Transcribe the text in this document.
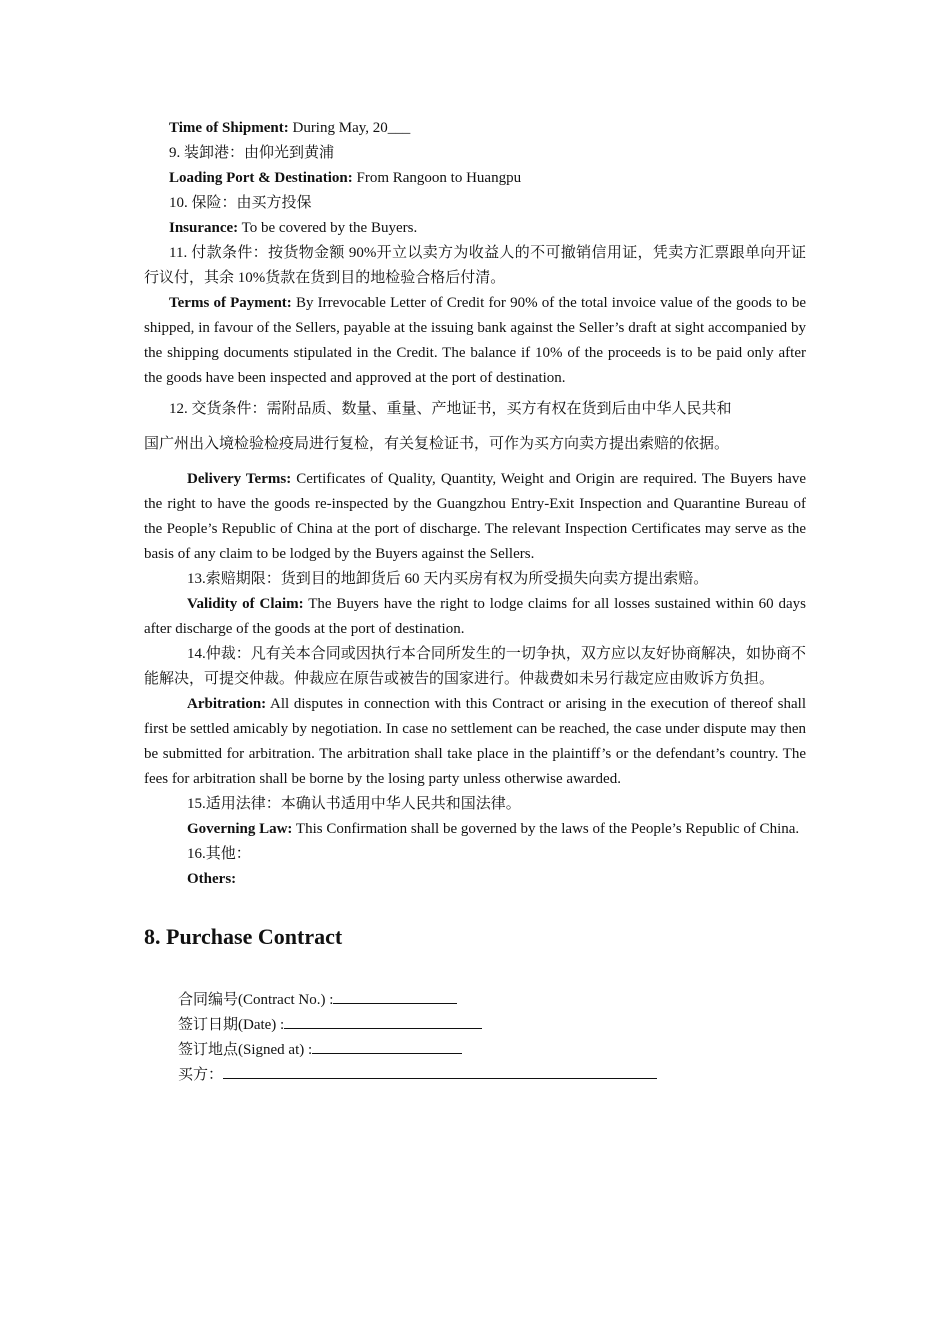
Time of Shipment: During May, 20___

9. 装卸港：由仰光到黄浦

Loading Port & Destination: From Rangoon to Huangpu

10. 保险：由买方投保

Insurance: To be covered by the Buyers.

11. 付款条件：按货物金额 90%开立以卖方为收益人的不可撤销信用证，凭卖方汇票跟单向开证行议付，其余 10%货款在货到目的地检验合格后付清。

Terms of Payment: By Irrevocable Letter of Credit for 90% of the total invoice value of the goods to be shipped, in favour of the Sellers, payable at the issuing bank against the Seller’s draft at sight accompanied by the shipping documents stipulated in the Credit. The balance if 10% of the proceeds is to be paid only after the goods have been inspected and approved at the port of destination.

12. 交货条件：需附品质、数量、重量、产地证书，买方有权在货到后由中华人民共和

国广州出入境检验检疫局进行复检，有关复检证书，可作为买方向卖方提出索赔的依据。

Delivery Terms: Certificates of Quality, Quantity, Weight and Origin are required. The Buyers have the right to have the goods re-inspected by the Guangzhou Entry-Exit Inspection and Quarantine Bureau of the People’s Republic of China at the port of discharge. The relevant Inspection Certificates may serve as the basis of any claim to be lodged by the Buyers against the Sellers.

13.索赔期限：货到目的地卸货后 60 天内买房有权为所受损失向卖方提出索赔。

Validity of Claim: The Buyers have the right to lodge claims for all losses sustained within 60 days after discharge of the goods at the port of destination.

14.仲裁：凡有关本合同或因执行本合同所发生的一切争执，双方应以友好协商解决，如协商不能解决，可提交仲裁。仲裁应在原告或被告的国家进行。仲裁费如未另行裁定应由败诉方负担。

Arbitration: All disputes in connection with this Contract or arising in the execution of thereof shall first be settled amicably by negotiation. In case no settlement can be reached, the case under dispute may then be submitted for arbitration. The arbitration shall take place in the plaintiff’s or the defendant’s country. The fees for arbitration shall be borne by the losing party unless otherwise awarded.

15.适用法律：本确认书适用中华人民共和国法律。

Governing Law: This Confirmation shall be governed by the laws of the People’s Republic of China.

16.其他：

Others:

8. Purchase Contract
合同编号(Contract No.) :
签订日期(Date) :
签订地点(Signed at) :
买方：
